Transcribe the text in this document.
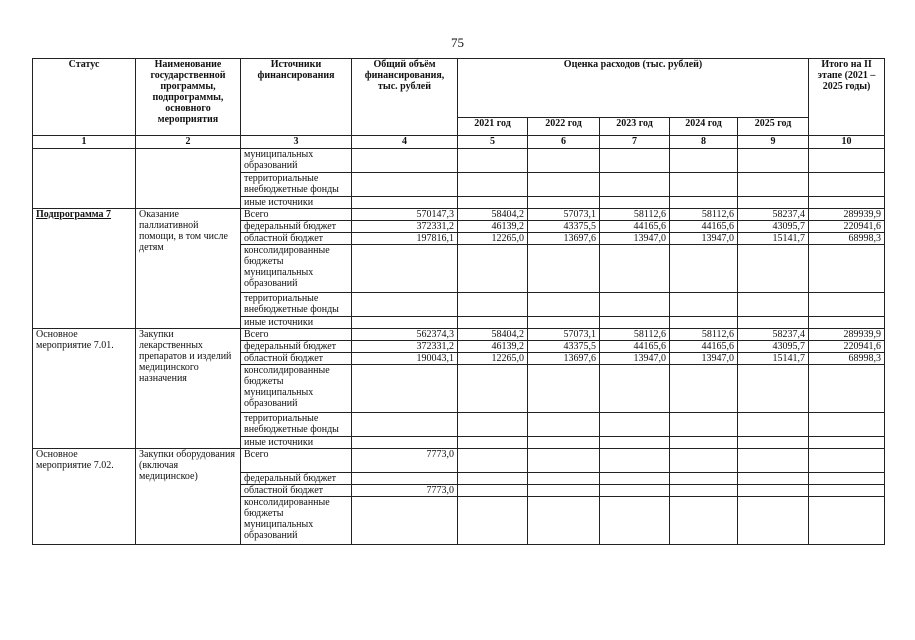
75
Статус	Наименование государственной программы, подпрограммы, основного мероприятия	Источники финансирования	Общий объём финансирования, тыс. рублей	Оценка расходов (тыс. рублей)					Итого на II этапе (2021 – 2025 годы)
				2021 год	2022 год	2023 год	2024 год	2025 год	
1	2	3	4	5	6	7	8	9	10
		муниципальных образований							
		территориальные внебюджетные фонды							
		иные источники							
Подпрограмма 7	Оказание паллиативной помощи, в том числе детям	Всего	570147,3	58404,2	57073,1	58112,6	58112,6	58237,4	289939,9
		федеральный бюджет	372331,2	46139,2	43375,5	44165,6	44165,6	43095,7	220941,6
		областной бюджет	197816,1	12265,0	13697,6	13947,0	13947,0	15141,7	68998,3
		консолидированные бюджеты муниципальных образований							
		территориальные внебюджетные фонды							
		иные источники							
Основное мероприятие 7.01.	Закупки лекарственных препаратов и изделий медицинского назначения	Всего	562374,3	58404,2	57073,1	58112,6	58112,6	58237,4	289939,9
		федеральный бюджет	372331,2	46139,2	43375,5	44165,6	44165,6	43095,7	220941,6
		областной бюджет	190043,1	12265,0	13697,6	13947,0	13947,0	15141,7	68998,3
		консолидированные бюджеты муниципальных образований							
		территориальные внебюджетные фонды							
		иные источники							
Основное мероприятие 7.02.	Закупки оборудования (включая медицинское)	Всего	7773,0						
		федеральный бюджет							
		областной бюджет	7773,0						
		консолидированные бюджеты муниципальных образований							
